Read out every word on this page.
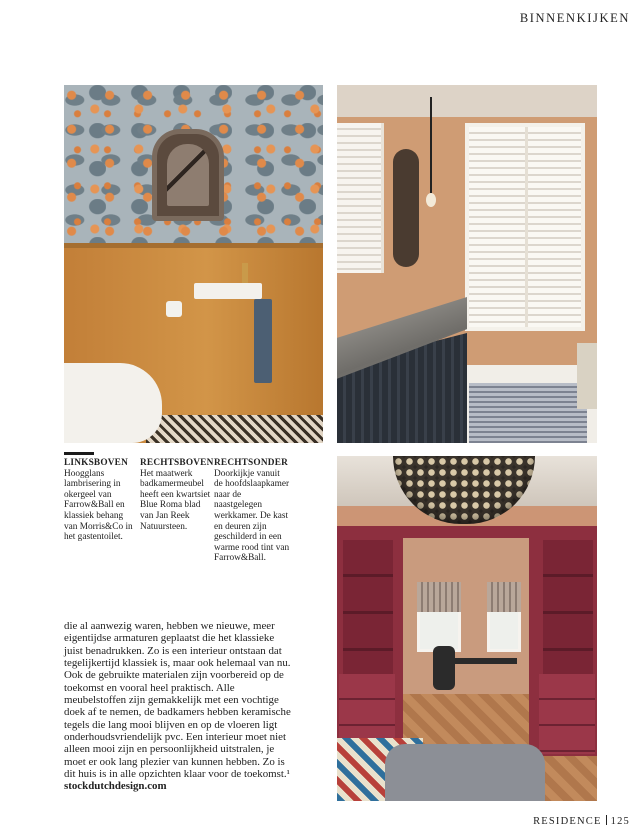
BINNENKIJKEN
LINKSBOVEN
Hoogglans lambrisering in okergeel van Farrow&Ball en klassiek behang van Morris&Co in het gastentoilet.
RECHTSBOVEN
Het maatwerk badkamermeubel heeft een kwartsiet Blue Roma blad van Jan Reek Natuursteen.
RECHTSONDER
Doorkijkje vanuit de hoofdslaapkamer naar de naastgelegen werkkamer. De kast en deuren zijn geschilderd in een warme rood tint van Farrow&Ball.

die al aanwezig waren, hebben we nieuwe, meer eigentijdse armaturen geplaatst die het klassieke juist benadrukken. Zo is een interieur ontstaan dat tegelijkertijd klassiek is, maar ook helemaal van nu.

Ook de gebruikte materialen zijn voorbereid op de toekomst en vooral heel praktisch. Alle meubelstoffen zijn gemakkelijk met een vochtige doek af te nemen, de badkamers hebben keramische tegels die lang mooi blijven en op de vloeren ligt onderhoudsvriendelijk pvc. Een interieur moet niet alleen mooi zijn en persoonlijkheid uitstralen, je moet er ook lang plezier van kunnen hebben. Zo is dit huis is in alle opzichten klaar voor de toekomst.¹

stockdutchdesign.com

RESIDENCE 125
